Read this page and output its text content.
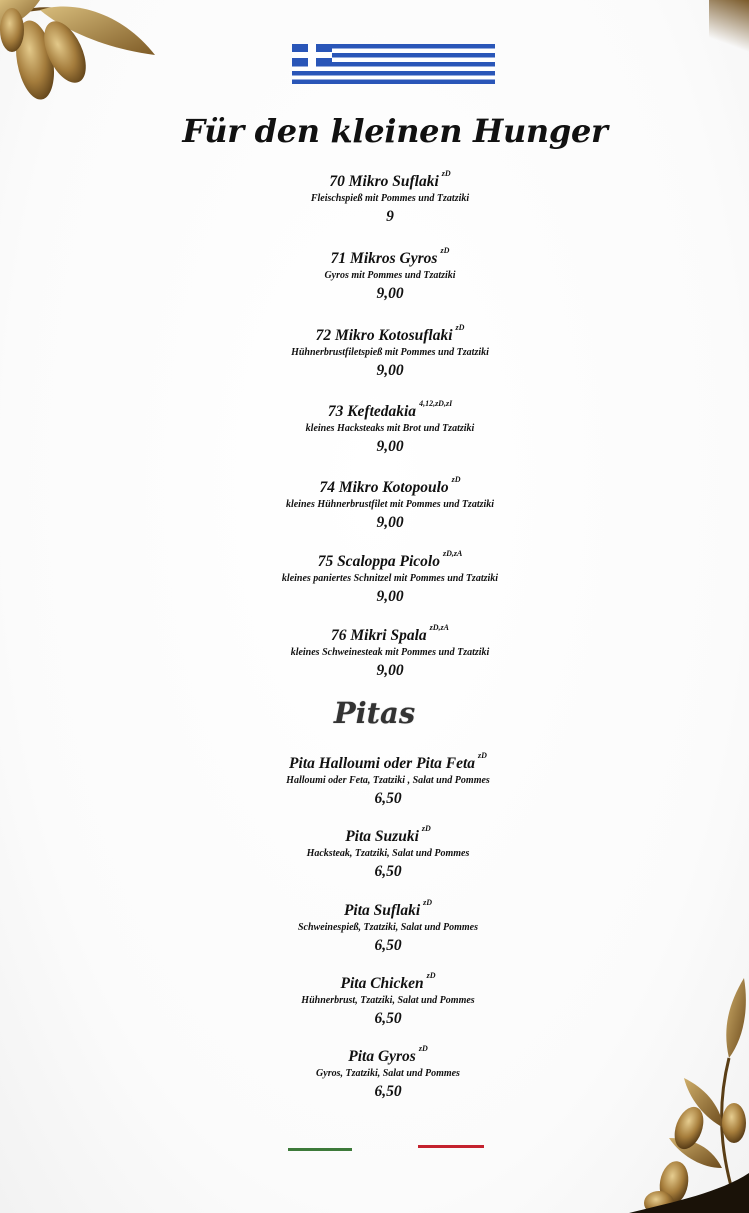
Für den kleinen Hunger
70 Mikro Suflaki $^{zD}$
Fleischspieß mit Pommes und Tzatziki
9
71 Mikros Gyros $^{zD}$
Gyros mit Pommes und Tzatziki
9,00
72 Mikro Kotosuflaki $^{zD}$
Hühnerbrustfiletspieß mit Pommes und Tzatziki
9,00
73 Keftedakia $^{4,12,zD,zI}$
kleines Hacksteaks mit Brot und Tzatziki
9,00
74 Mikro Kotopoulo $^{zD}$
kleines Hühnerbrustfilet mit Pommes und Tzatziki
9,00
75 Scaloppa Picolo $^{zD,zA}$
kleines paniertes Schnitzel mit Pommes und Tzatziki
9,00
76 Mikri Spala $^{zD,zA}$
kleines Schweinesteak mit Pommes und Tzatziki
9,00
Pitas
Pita Halloumi oder Pita Feta $^{zD}$
Halloumi oder Feta, Tzatziki , Salat und Pommes
6,50
Pita Suzuki $^{zD}$
Hacksteak, Tzatziki, Salat und Pommes
6,50
Pita Suflaki $^{zD}$
Schweinespieß, Tzatziki, Salat und Pommes
6,50
Pita Chicken $^{zD}$
Hühnerbrust, Tzatziki, Salat und Pommes
6,50
Pita Gyros $^{zD}$
Gyros, Tzatziki, Salat und Pommes
6,50
